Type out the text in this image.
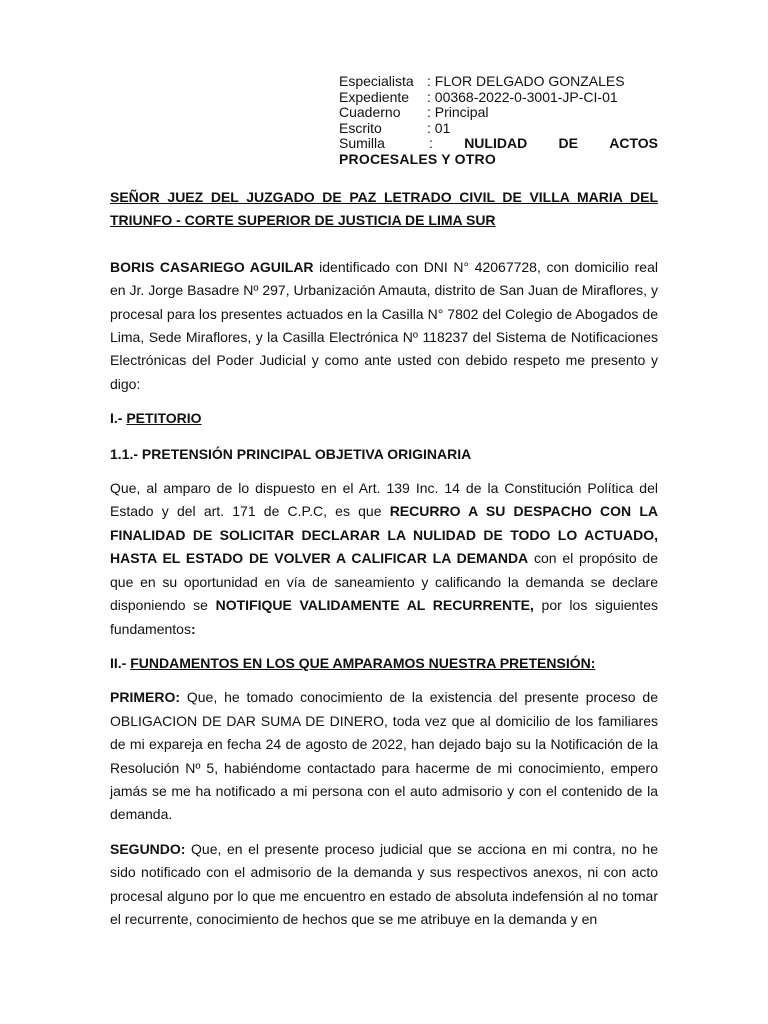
Especialista : FLOR DELGADO GONZALES
Expediente	: 00368-2022-0-3001-JP-CI-01
Cuaderno	: Principal
Escrito	: 01
Sumilla	: NULIDAD DE ACTOS
PROCESALES Y OTRO

SEÑOR JUEZ DEL JUZGADO DE PAZ LETRADO CIVIL DE VILLA MARIA DEL TRIUNFO - CORTE SUPERIOR DE JUSTICIA DE LIMA SUR

BORIS CASARIEGO AGUILAR identificado con DNI N° 42067728, con domicilio real en Jr. Jorge Basadre Nº 297, Urbanización Amauta, distrito de San Juan de Miraflores, y procesal para los presentes actuados en la Casilla N° 7802 del Colegio de Abogados de Lima, Sede Miraflores, y la Casilla Electrónica Nº 118237 del Sistema de Notificaciones Electrónicas del Poder Judicial y como ante usted con debido respeto me presento y digo:

I.- PETITORIO

1.1.- PRETENSIÓN PRINCIPAL OBJETIVA ORIGINARIA

Que, al amparo de lo dispuesto en el Art. 139 Inc. 14 de la Constitución Política del Estado y del art. 171 de C.P.C, es que RECURRO A SU DESPACHO CON LA FINALIDAD DE SOLICITAR DECLARAR LA NULIDAD DE TODO LO ACTUADO, HASTA EL ESTADO DE VOLVER A CALIFICAR LA DEMANDA con el propósito de que en su oportunidad en vía de saneamiento y calificando la demanda se declare disponiendo se NOTIFIQUE VALIDAMENTE AL RECURRENTE, por los siguientes fundamentos:

II.- FUNDAMENTOS EN LOS QUE AMPARAMOS NUESTRA PRETENSIÓN:

PRIMERO: Que, he tomado conocimiento de la existencia del presente proceso de OBLIGACION DE DAR SUMA DE DINERO, toda vez que al domicilio de los familiares de mi expareja en fecha 24 de agosto de 2022, han dejado bajo su la Notificación de la Resolución Nº 5, habiéndome contactado para hacerme de mi conocimiento, empero jamás se me ha notificado a mi persona con el auto admisorio y con el contenido de la demanda.

SEGUNDO: Que, en el presente proceso judicial que se acciona en mi contra, no he sido notificado con el admisorio de la demanda y sus respectivos anexos, ni con acto procesal alguno por lo que me encuentro en estado de absoluta indefensión al no tomar el recurrente, conocimiento de hechos que se me atribuye en la demanda y en
